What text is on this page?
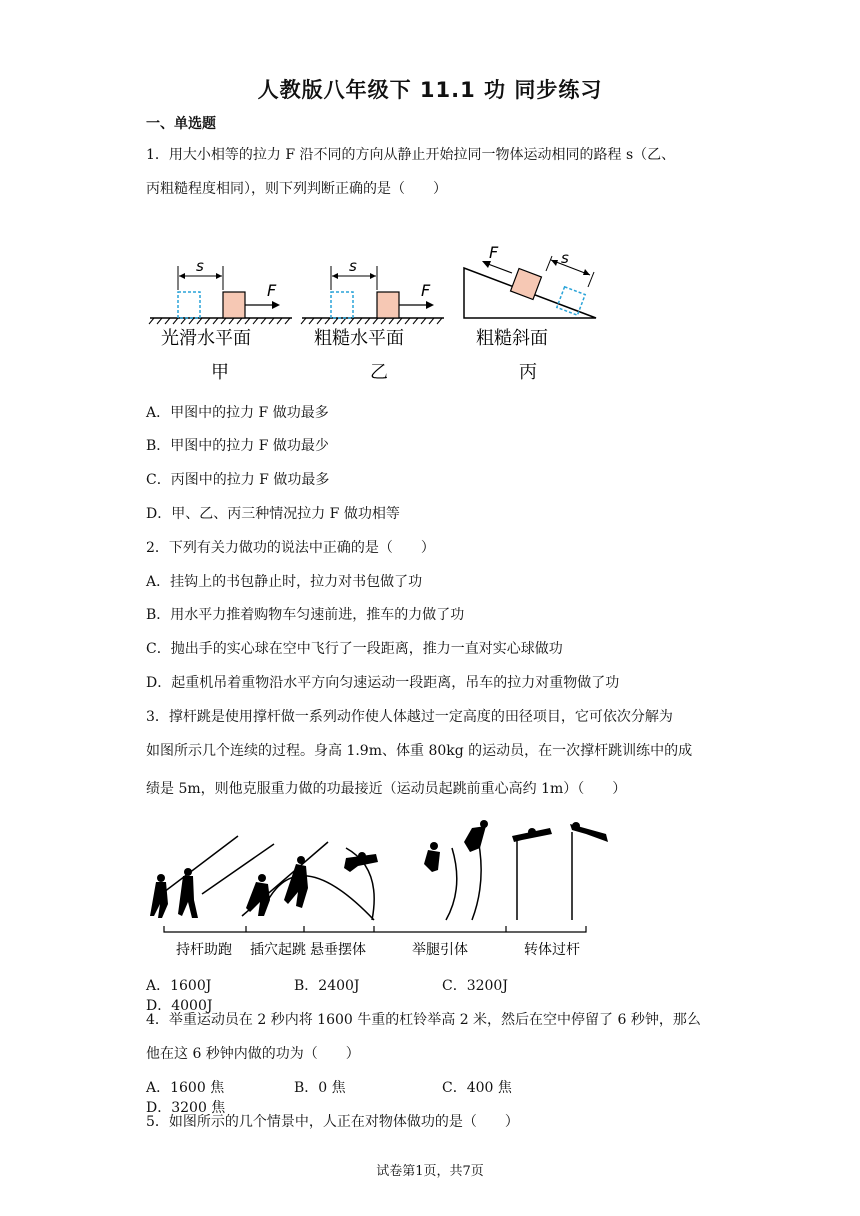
人教版八年级下 11.1 功 同步练习
一、单选题
1．用大小相等的拉力 F 沿不同的方向从静止开始拉同一物体运动相同的路程 s（乙、
丙粗糙程度相同），则下列判断正确的是（　　）
s
F
光滑水平面
甲
s
F
粗糙水平面
乙
F	s
粗糙斜面
丙
A．甲图中的拉力 F 做功最多
B．甲图中的拉力 F 做功最少
C．丙图中的拉力 F 做功最多
D．甲、乙、丙三种情况拉力 F 做功相等
2．下列有关力做功的说法中正确的是（　　）
A．挂钩上的书包静止时，拉力对书包做了功
B．用水平力推着购物车匀速前进，推车的力做了功
C．抛出手的实心球在空中飞行了一段距离，推力一直对实心球做功
D．起重机吊着重物沿水平方向匀速运动一段距离，吊车的拉力对重物做了功
3．撑杆跳是使用撑杆做一系列动作使人体越过一定高度的田径项目，它可依次分解为
如图所示几个连续的过程。身高 1.9m、体重 80kg 的运动员，在一次撑杆跳训练中的成
绩是 5m，则他克服重力做的功最接近（运动员起跳前重心高约 1m）（　　）
持杆助跑 插穴起跳 悬垂摆体	举腿引体	转体过杆
A．1600J	B．2400J	C．3200JD．4000J
4．举重运动员在 2 秒内将 1600 牛重的杠铃举高 2 米，然后在空中停留了 6 秒钟，那么
他在这 6 秒钟内做的功为（　　）
A．1600 焦	B．0 焦	C．400 焦D．3200 焦
5．如图所示的几个情景中，人正在对物体做功的是（　　）
试卷第1页，共7页
